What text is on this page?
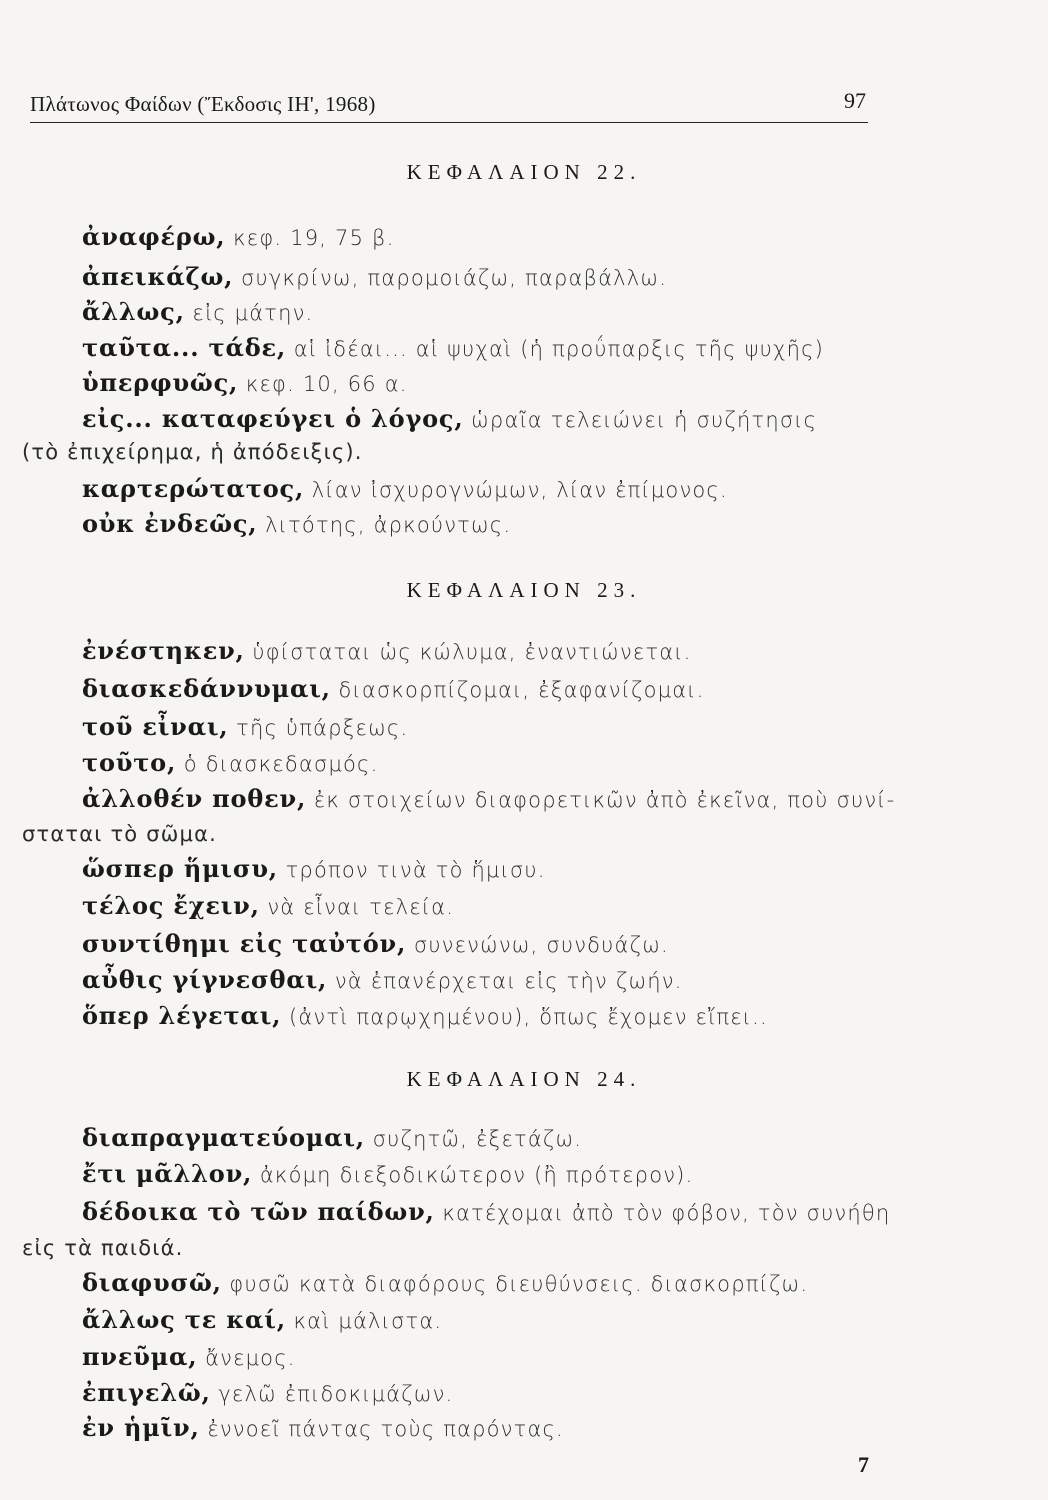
Πλάτωνος Φαίδων (Ἔκδοσις ΙΗ', 1968)	97
ΚΕΦΑΛΑΙΟΝ 22.
ἀναφέρω, κεφ. 19, 75 β.
ἀπεικάζω, συγκρίνω, παρομοιάζω, παραβάλλω.
ἄλλως, εἰς μάτην.
ταῦτα... τάδε, αἱ ἰδέαι... αἱ ψυχαὶ (ἡ προΰπαρξις τῆς ψυχῆς)
ὑπερφυῶς, κεφ. 10, 66 α.
εἰς... καταφεύγει ὁ λόγος, ὡραῖα τελειώνει ἡ συζήτησις
(τὸ ἐπιχείρημα, ἡ ἀπόδειξις).
καρτερώτατος, λίαν ἰσχυρογνώμων, λίαν ἐπίμονος.
οὐκ ἐνδεῶς, λιτότης, ἀρκούντως.
ΚΕΦΑΛΑΙΟΝ 23.
ἐνέστηκεν, ὑφίσταται ὡς κώλυμα, ἐναντιώνεται.
διασκεδάννυμαι, διασκορπίζομαι, ἐξαφανίζομαι.
τοῦ εἶναι, τῆς ὑπάρξεως.
τοῦτο, ὁ διασκεδασμός.
ἀλλοθέν ποθεν, ἐκ στοιχείων διαφορετικῶν ἀπὸ ἐκεῖνα, ποὺ συνί-
σταται τὸ σῶμα.
ὥσπερ ἥμισυ, τρόπον τινὰ τὸ ἥμισυ.
τέλος ἔχειν, νὰ εἶναι τελεία.
συντίθημι εἰς ταὐτόν, συνενώνω, συνδυάζω.
αὖθις γίγνεσθαι, νὰ ἐπανέρχεται εἰς τὴν ζωήν.
ὅπερ λέγεται, (ἀντὶ παρῳχημένου), ὅπως ἔχομεν εἴπει..
ΚΕΦΑΛΑΙΟΝ 24.
διαπραγματεύομαι, συζητῶ, ἐξετάζω.
ἔτι μᾶλλον, ἀκόμη διεξοδικώτερον (ἢ πρότερον).
δέδοικα τὸ τῶν παίδων, κατέχομαι ἀπὸ τὸν φόβον, τὸν συνήθη
εἰς τὰ παιδιά.
διαφυσῶ, φυσῶ κατὰ διαφόρους διευθύνσεις. διασκορπίζω.
ἄλλως τε καί, καὶ μάλιστα.
πνεῦμα, ἄνεμος.
ἐπιγελῶ, γελῶ ἐπιδοκιμάζων.
ἐν ἡμῖν, ἐννοεῖ πάντας τοὺς παρόντας.
7
